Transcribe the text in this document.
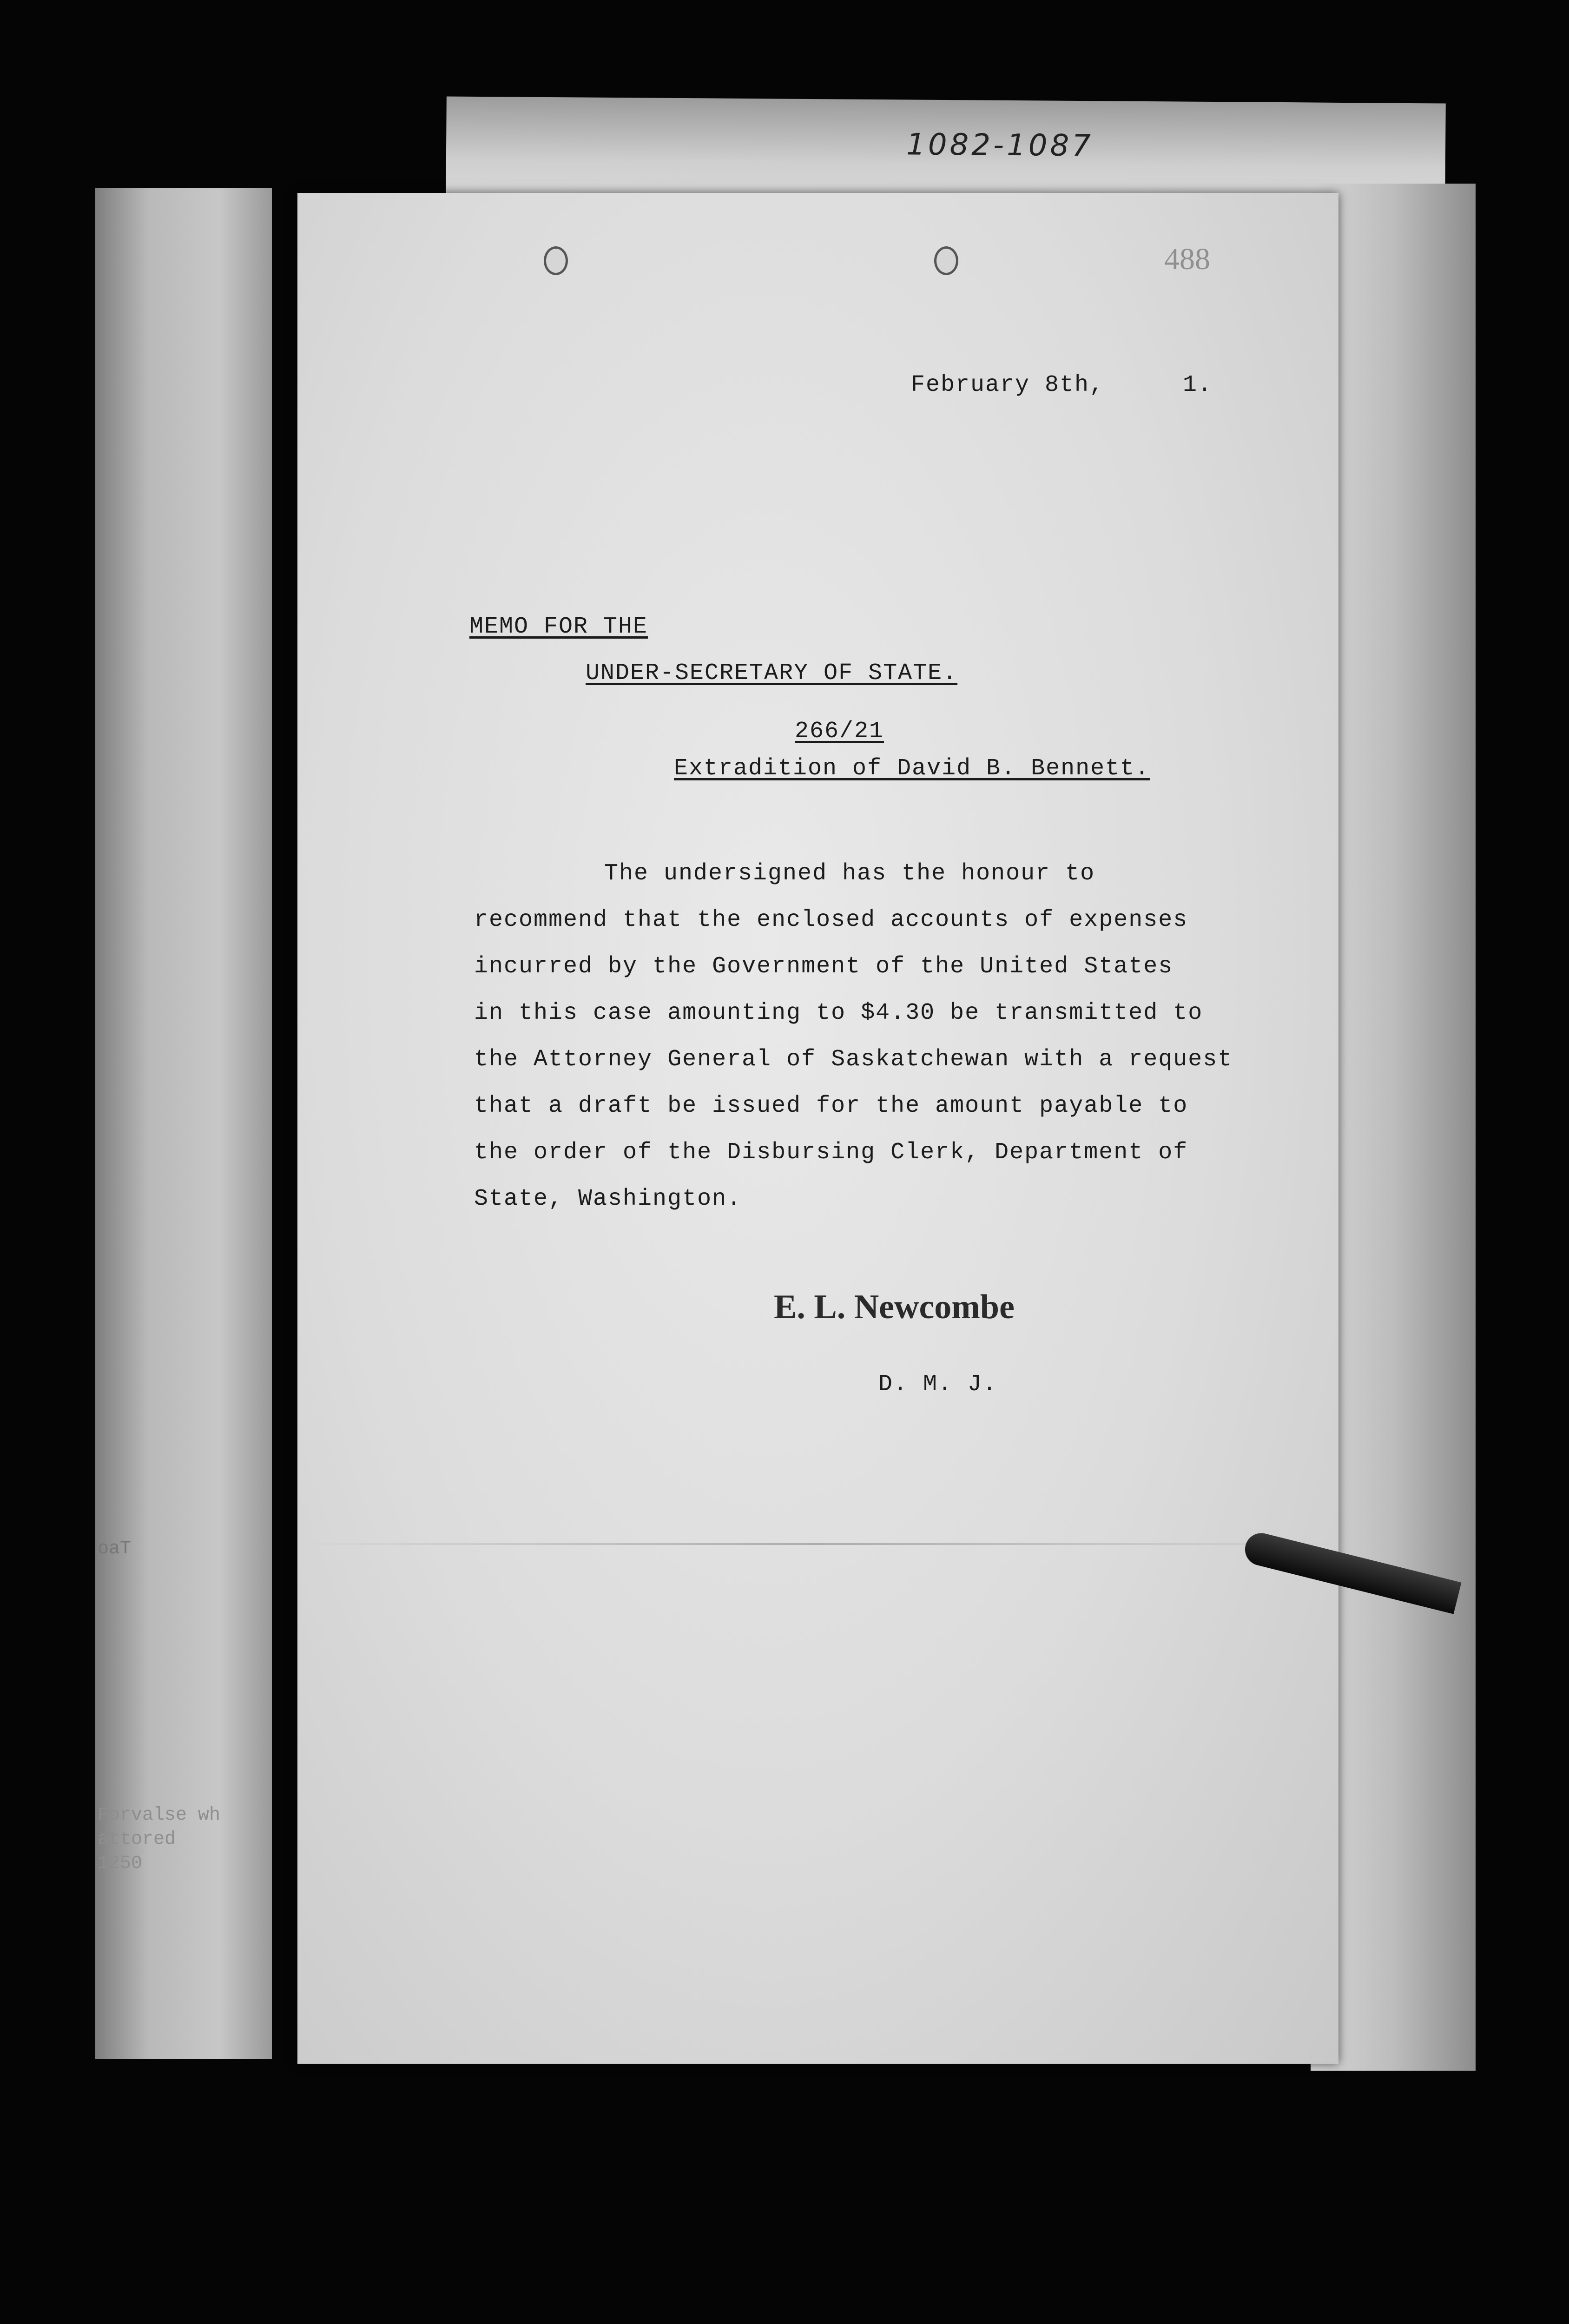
1082-1087
488
February 8th,	1.
MEMO FOR THE
UNDER-SECRETARY OF STATE.
266/21
Extradition of David B. Bennett.
The undersigned has the honour to
recommend that the enclosed accounts of expenses
incurred by the Government of the United States
in this case amounting to $4.30 be transmitted to
the Attorney General of Saskatchewan with a request
that a draft be issued for the amount payable to
the order of the Disbursing Clerk, Department of
State, Washington.
E. L. Newcombe
D. M. J.
oaT
Forvalse wh
attored
1250
